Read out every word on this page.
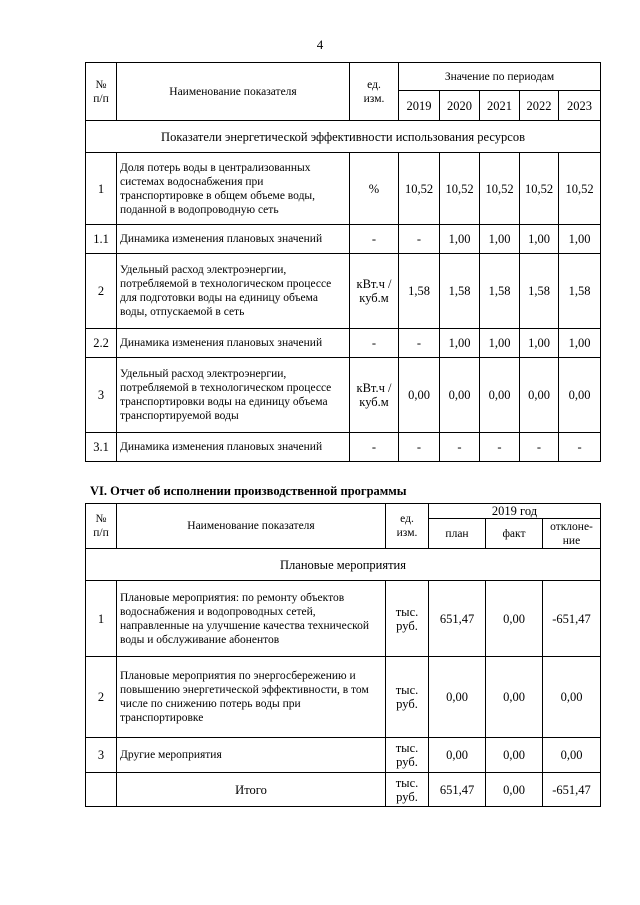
4
№
п/п	Наименование показателя	ед.
изм.	Значение по периодам				
			2019	2020	2021	2022	2023
Показатели энергетической эффективности использования ресурсов							
1	Доля потерь воды в централизованных системах водоснабжения при транспортировке в общем объеме воды, поданной в водопроводную сеть	%	10,52	10,52	10,52	10,52	10,52
1.1	Динамика изменения плановых значений	-	-	1,00	1,00	1,00	1,00
2	Удельный расход электроэнергии, потребляемой в технологическом процессе для подготовки воды на единицу объема воды, отпускаемой в сеть	кВт.ч /
куб.м	1,58	1,58	1,58	1,58	1,58
2.2	Динамика изменения плановых значений	-	-	1,00	1,00	1,00	1,00
3	Удельный расход электроэнергии, потребляемой в технологическом процессе транспортировки воды на единицу объема транспортируемой воды	кВт.ч /
куб.м	0,00	0,00	0,00	0,00	0,00
3.1	Динамика изменения плановых значений	-	-	-	-	-	-
VI. Отчет об исполнении производственной программы
№
п/п	Наименование показателя	ед.
изм.	2019 год		
			план	факт	отклоне-
ние
Плановые мероприятия					
1	Плановые мероприятия: по ремонту объектов водоснабжения и водопроводных сетей, направленные на улучшение качества технической воды и обслуживание абонентов	тыс.
руб.	651,47	0,00	-651,47
2	Плановые мероприятия по энергосбережению и повышению энергетической эффективности, в том числе по снижению потерь воды при транспортировке	тыс.
руб.	0,00	0,00	0,00
3	Другие мероприятия	тыс.
руб.	0,00	0,00	0,00
	Итого	тыс.
руб.	651,47	0,00	-651,47
